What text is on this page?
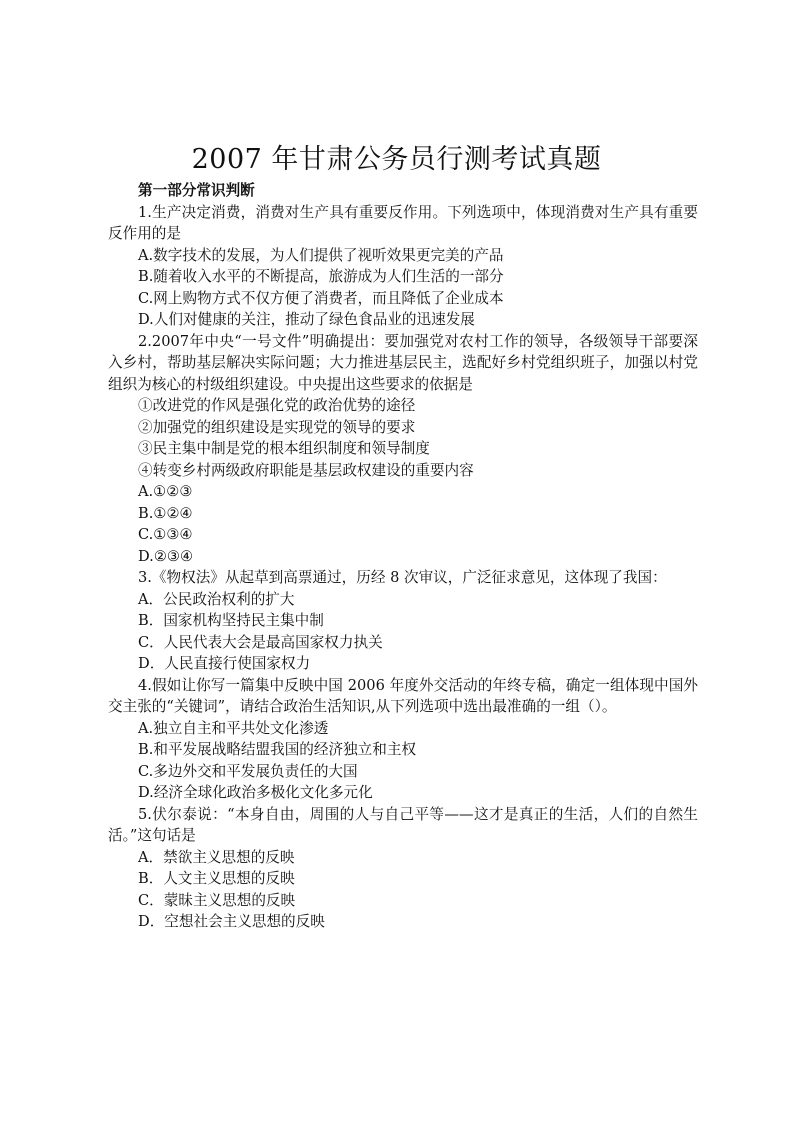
2007 年甘肃公务员行测考试真题

第一部分常识判断

1.生产决定消费，消费对生产具有重要反作用。下列选项中，体现消费对生产具有重要反作用的是

A.数字技术的发展，为人们提供了视听效果更完美的产品

B.随着收入水平的不断提高，旅游成为人们生活的一部分

C.网上购物方式不仅方便了消费者，而且降低了企业成本

D.人们对健康的关注，推动了绿色食品业的迅速发展

2.2007年中央“一号文件”明确提出：要加强党对农村工作的领导，各级领导干部要深入乡村，帮助基层解决实际问题；大力推进基层民主，选配好乡村党组织班子，加强以村党组织为核心的村级组织建设。中央提出这些要求的依据是

①改进党的作风是强化党的政治优势的途径

②加强党的组织建设是实现党的领导的要求

③民主集中制是党的根本组织制度和领导制度

④转变乡村两级政府职能是基层政权建设的重要内容

A.①②③

B.①②④

C.①③④

D.②③④

3.《物权法》从起草到高票通过，历经 8 次审议，广泛征求意见，这体现了我国：

A．公民政治权利的扩大

B．国家机构坚持民主集中制

C．人民代表大会是最高国家权力执关

D．人民直接行使国家权力

4.假如让你写一篇集中反映中国 2006 年度外交活动的年终专稿，确定一组体现中国外交主张的“关键词”，请结合政治生活知识,从下列选项中选出最准确的一组（）。

A.独立自主和平共处文化渗透

B.和平发展战略结盟我国的经济独立和主权

C.多边外交和平发展负责任的大国

D.经济全球化政治多极化文化多元化

5.伏尔泰说：“本身自由，周围的人与自己平等——这才是真正的生活，人们的自然生活。”这句话是

A．禁欲主义思想的反映

B．人文主义思想的反映

C．蒙昧主义思想的反映

D．空想社会主义思想的反映
